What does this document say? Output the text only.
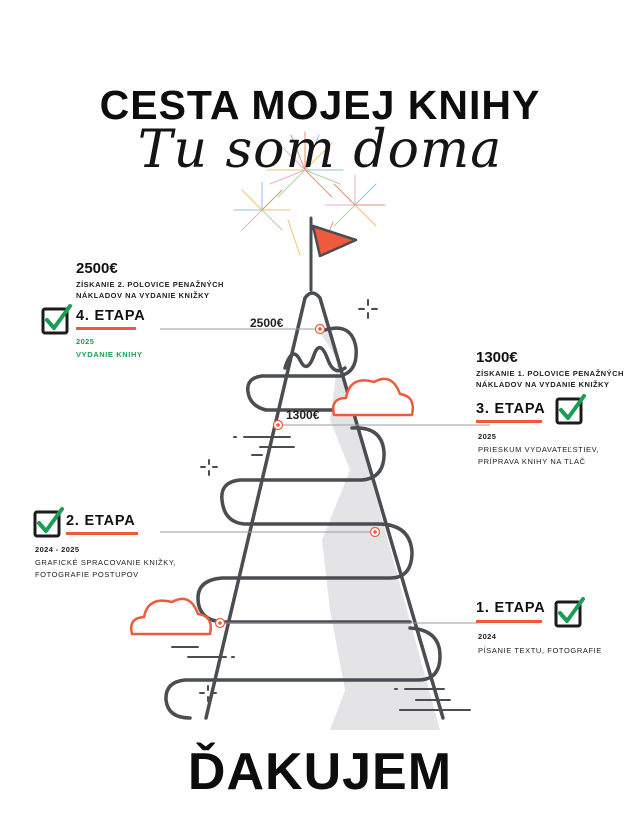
CESTA MOJEJ KNIHY
Tu som doma
2500€
1300€
2500€
ZÍSKANIE 2. POLOVICE PENAŽNÝCH
NÁKLADOV NA VYDANIE KNIŽKY
4. ETAPA
2025
VYDANIE KNIHY	1300€
ZÍSKANIE 1. POLOVICE PENAŽNÝCH
NÁKLADOV NA VYDANIE KNIŽKY
3. ETAPA
2025
PRIESKUM VYDAVATEĽSTIEV,
PRÍPRAVA KNIHY NA TLAČ
2. ETAPA
2024 - 2025
GRAFICKÉ SPRACOVANIE KNIŽKY,
FOTOGRAFIE POSTUPOV
1. ETAPA
2024
PÍSANIE TEXTU, FOTOGRAFIE
ĎAKUJEM
